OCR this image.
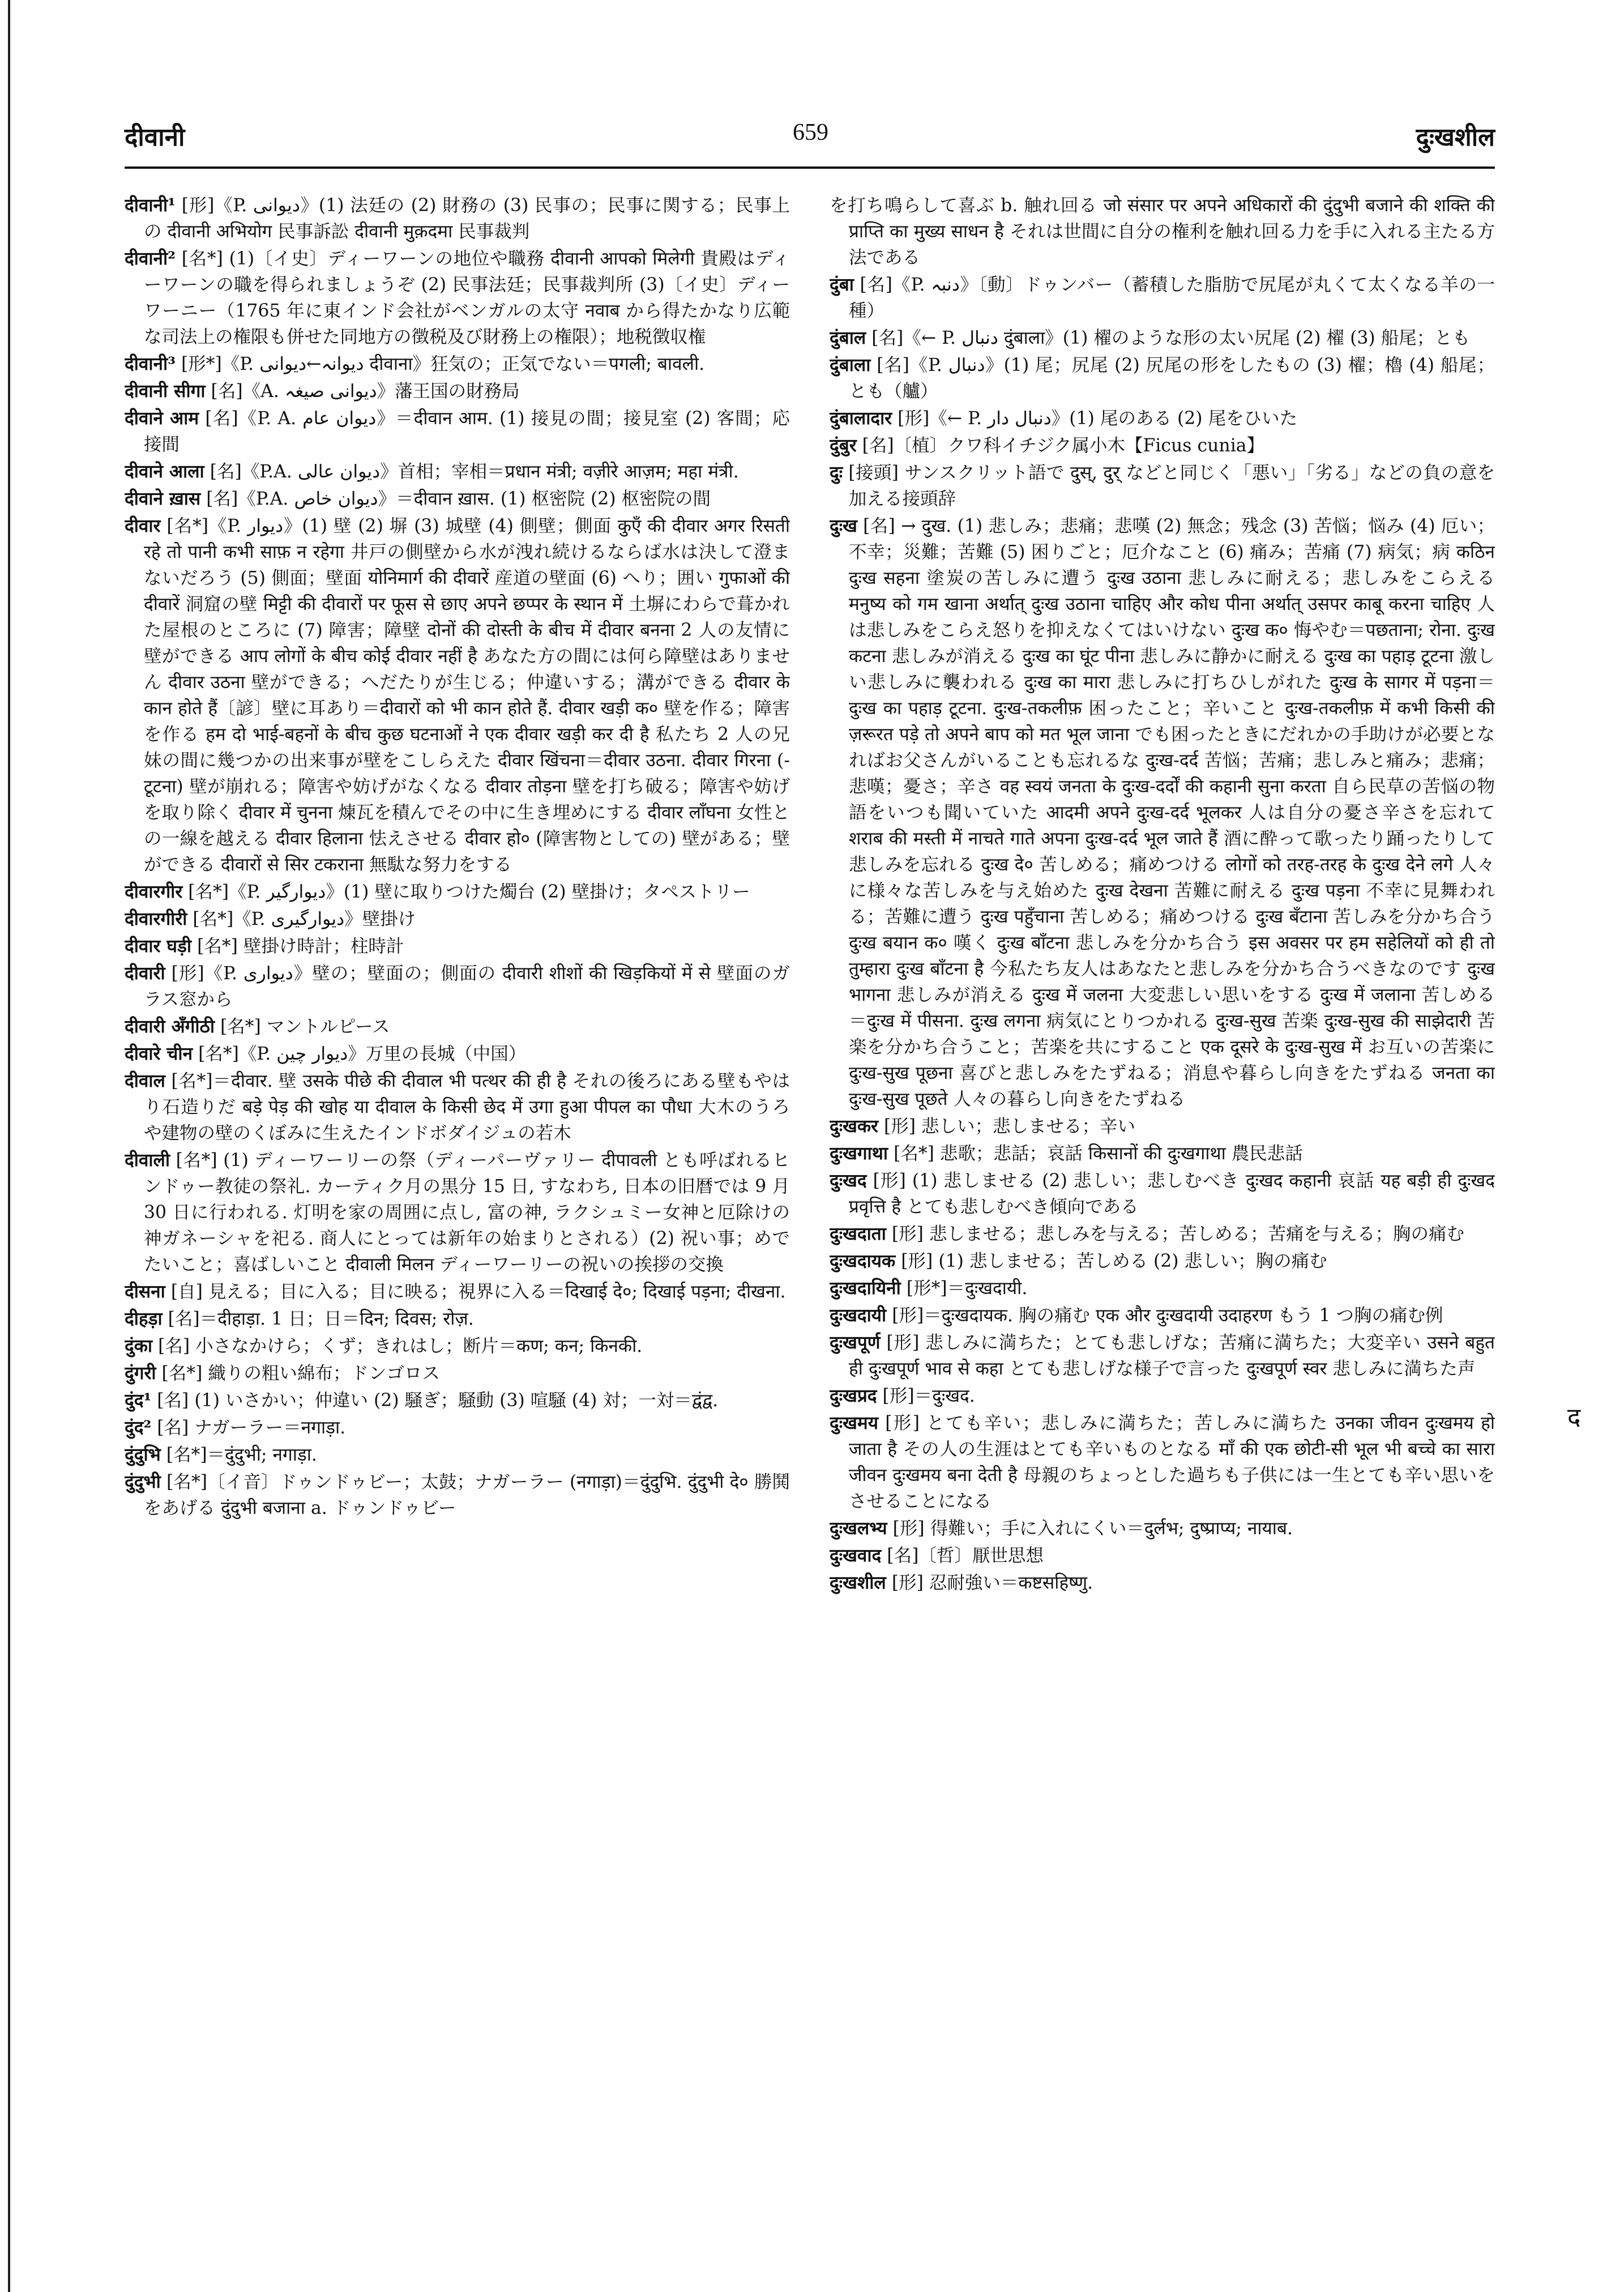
दीवानी	659	दुःखशील

दीवानी¹ [形]《P. دیوانی》(1) 法廷の (2) 財務の (3) 民事の；民事に関する；民事上の दीवानी अभियोग 民事訴訟 दीवानी मुक़दमा 民事裁判

दीवानी² [名*] (1)〔イ史〕ディーワーンの地位や職務 दीवानी आपको मिलेगी 貴殿はディーワーンの職を得られましょうぞ (2) 民事法廷；民事裁判所 (3)〔イ史〕ディーワーニー（1765 年に東インド会社がベンガルの太守 नवाब から得たかなり広範な司法上の権限も併せた同地方の徴税及び財務上の権限）；地税徴収権

दीवानी³ [形*]《P. دیوانہ←دیوانی दीवाना》狂気の；正気でない＝पगली; बावली.

दीवानी सीगा [名]《A. دیوانی صیغہ》藩王国の財務局

दीवाने आम [名]《P. A. دیوان عام》＝दीवान आम. (1) 接見の間；接見室 (2) 客間；応接間

दीवाने आला [名]《P.A. دیوان عالی》首相；宰相＝प्रधान मंत्री; वज़ीरे आज़म; महा मंत्री.

दीवाने ख़ास [名]《P.A. دیوان خاص》＝दीवान ख़ास. (1) 枢密院 (2) 枢密院の間

दीवार [名*]《P. دیوار》(1) 壁 (2) 塀 (3) 城壁 (4) 側壁；側面 कुएँ की दीवार अगर रिसती रहे तो पानी कभी साफ़ न रहेगा 井戸の側壁から水が洩れ続けるならば水は決して澄まないだろう (5) 側面；壁面 योनिमार्ग की दीवारें 産道の壁面 (6) へり；囲い गुफाओं की दीवारें 洞窟の壁 मिट्टी की दीवारों पर फूस से छाए अपने छप्पर के स्थान में 土塀にわらで葺かれた屋根のところに (7) 障害；障壁 दोनों की दोस्ती के बीच में दीवार बनना 2 人の友情に壁ができる आप लोगों के बीच कोई दीवार नहीं है あなた方の間には何ら障壁はありません दीवार उठना 壁ができる；へだたりが生じる；仲違いする；溝ができる दीवार के कान होते हैं〔諺〕壁に耳あり＝दीवारों को भी कान होते हैं. दीवार खड़ी क० 壁を作る；障害を作る हम दो भाई-बहनों के बीच कुछ घटनाओं ने एक दीवार खड़ी कर दी है 私たち 2 人の兄妹の間に幾つかの出来事が壁をこしらえた दीवार खिंचना＝दीवार उठना. दीवार गिरना (- टूटना) 壁が崩れる；障害や妨げがなくなる दीवार तोड़ना 壁を打ち破る；障害や妨げを取り除く दीवार में चुनना 煉瓦を積んでその中に生き埋めにする दीवार लाँघना 女性との一線を越える दीवार हिलाना 怯えさせる दीवार हो० (障害物としての) 壁がある；壁ができる दीवारों से सिर टकराना 無駄な努力をする

दीवारगीर [名*]《P. دیوارگیر》(1) 壁に取りつけた燭台 (2) 壁掛け；タペストリー

दीवारगीरी [名*]《P. دیوارگیری》壁掛け

दीवार घड़ी [名*] 壁掛け時計；柱時計

दीवारी [形]《P. دیواری》壁の；壁面の；側面の दीवारी शीशों की खिड़कियों में से 壁面のガラス窓から

दीवारी अँगीठी [名*] マントルピース

दीवारे चीन [名*]《P. دیوار چین》万里の長城（中国）

दीवाल [名*]＝दीवार. 壁 उसके पीछे की दीवाल भी पत्थर की ही है それの後ろにある壁もやはり石造りだ बड़े पेड़ की खोह या दीवाल के किसी छेद में उगा हुआ पीपल का पौधा 大木のうろや建物の壁のくぼみに生えたインドボダイジュの若木

दीवाली [名*] (1) ディーワーリーの祭（ディーパーヴァリー दीपावली とも呼ばれるヒンドゥー教徒の祭礼. カーティク月の黒分 15 日, すなわち, 日本の旧暦では 9 月 30 日に行われる. 灯明を家の周囲に点し, 富の神, ラクシュミー女神と厄除けの神ガネーシャを祀る. 商人にとっては新年の始まりとされる）(2) 祝い事；めでたいこと；喜ばしいこと दीवाली मिलन ディーワーリーの祝いの挨拶の交換

दीसना [自] 見える；目に入る；目に映る；視界に入る＝दिखाई दे०; दिखाई पड़ना; दीखना.

दीहड़ा [名]＝दीहाड़ा. 1 日；日＝दिन; दिवस; रोज़.

दुंका [名] 小さなかけら；くず；きれはし；断片＝कण; कन; किनकी.

दुंगरी [名*] 織りの粗い綿布；ドンゴロス

दुंद¹ [名] (1) いさかい；仲違い (2) 騒ぎ；騒動 (3) 喧騒 (4) 対；一対＝द्वंद्व.

दुंद² [名] ナガーラー＝नगाड़ा.

दुंदुभि [名*]＝दुंदुभी; नगाड़ा.

दुंदुभी [名*]〔イ音〕ドゥンドゥビー；太鼓；ナガーラー (नगाड़ा)＝दुंदुभि. दुंदुभी दे० 勝鬨をあげる दुंदुभी बजाना a. ドゥンドゥビー

を打ち鳴らして喜ぶ b. 触れ回る जो संसार पर अपने अधिकारों की दुंदुभी बजाने की शक्ति की प्राप्ति का मुख्य साधन है それは世間に自分の権利を触れ回る力を手に入れる主たる方法である

दुंबा [名]《P. دنبہ》〔動〕ドゥンバー（蓄積した脂肪で尻尾が丸くて太くなる羊の一種）

दुंबाल [名]《← P. دنبال दुंबाला》(1) 櫂のような形の太い尻尾 (2) 櫂 (3) 船尾；とも

दुंबाला [名]《P. دنبال》(1) 尾；尻尾 (2) 尻尾の形をしたもの (3) 櫂；櫓 (4) 船尾；とも（艫）

दुंबालादार [形]《← P. دنبال دار》(1) 尾のある (2) 尾をひいた

दुंबुर [名]〔植〕クワ科イチジク属小木【Ficus cunia】

दुः [接頭] サンスクリット語で दुस्, दुर् などと同じく「悪い」「劣る」などの負の意を加える接頭辞

दुःख [名] → दुख. (1) 悲しみ；悲痛；悲嘆 (2) 無念；残念 (3) 苦悩；悩み (4) 厄い；不幸；災難；苦難 (5) 困りごと；厄介なこと (6) 痛み；苦痛 (7) 病気；病 कठिन दुःख सहना 塗炭の苦しみに遭う दुःख उठाना 悲しみに耐える；悲しみをこらえる मनुष्य को गम खाना अर्थात् दुःख उठाना चाहिए और कोध पीना अर्थात् उसपर काबू करना चाहिए 人は悲しみをこらえ怒りを抑えなくてはいけない दुःख क० 悔やむ＝पछताना; रोना. दुःख कटना 悲しみが消える दुःख का घूंट पीना 悲しみに静かに耐える दुःख का पहाड़ टूटना 激しい悲しみに襲われる दुःख का मारा 悲しみに打ちひしがれた दुःख के सागर में पड़ना＝दुःख का पहाड़ टूटना. दुःख-तकलीफ़ 困ったこと；辛いこと दुःख-तकलीफ़ में कभी किसी की ज़रूरत पड़े तो अपने बाप को मत भूल जाना でも困ったときにだれかの手助けが必要となればお父さんがいることも忘れるな दुःख-दर्द 苦悩；苦痛；悲しみと痛み；悲痛；悲嘆；憂さ；辛さ वह स्वयं जनता के दुःख-दर्दों की कहानी सुना करता 自ら民草の苦悩の物語をいつも聞いていた आदमी अपने दुःख-दर्द भूलकर 人は自分の憂さ辛さを忘れて शराब की मस्ती में नाचते गाते अपना दुःख-दर्द भूल जाते हैं 酒に酔って歌ったり踊ったりして悲しみを忘れる दुःख दे० 苦しめる；痛めつける लोगों को तरह-तरह के दुःख देने लगे 人々に様々な苦しみを与え始めた दुःख देखना 苦難に耐える दुःख पड़ना 不幸に見舞われる；苦難に遭う दुःख पहुँचाना 苦しめる；痛めつける दुःख बँटाना 苦しみを分かち合う दुःख बयान क० 嘆く दुःख बाँटना 悲しみを分かち合う इस अवसर पर हम सहेलियों को ही तो तुम्हारा दुःख बाँटना है 今私たち友人はあなたと悲しみを分かち合うべきなのです दुःख भागना 悲しみが消える दुःख में जलना 大変悲しい思いをする दुःख में जलाना 苦しめる＝दुःख में पीसना. दुःख लगना 病気にとりつかれる दुःख-सुख 苦楽 दुःख-सुख की साझेदारी 苦楽を分かち合うこと；苦楽を共にすること एक दूसरे के दुःख-सुख में お互いの苦楽に दुःख-सुख पूछना 喜びと悲しみをたずねる；消息や暮らし向きをたずねる जनता का दुःख-सुख पूछते 人々の暮らし向きをたずねる

दुःखकर [形] 悲しい；悲しませる；辛い

दुःखगाथा [名*] 悲歌；悲話；哀話 किसानों की दुःखगाथा 農民悲話

दुःखद [形] (1) 悲しませる (2) 悲しい；悲しむべき दुःखद कहानी 哀話 यह बड़ी ही दुःखद प्रवृत्ति है とても悲しむべき傾向である

दुःखदाता [形] 悲しませる；悲しみを与える；苦しめる；苦痛を与える；胸の痛む

दुःखदायक [形] (1) 悲しませる；苦しめる (2) 悲しい；胸の痛む

दुःखदायिनी [形*]＝दुःखदायी.

दुःखदायी [形]＝दुःखदायक. 胸の痛む एक और दुःखदायी उदाहरण もう 1 つ胸の痛む例

दुःखपूर्ण [形] 悲しみに満ちた；とても悲しげな；苦痛に満ちた；大変辛い उसने बहुत ही दुःखपूर्ण भाव से कहा とても悲しげな様子で言った दुःखपूर्ण स्वर 悲しみに満ちた声

दुःखप्रद [形]＝दुःखद.

दुःखमय [形] とても辛い；悲しみに満ちた；苦しみに満ちた उनका जीवन दुःखमय हो जाता है その人の生涯はとても辛いものとなる माँ की एक छोटी-सी भूल भी बच्चे का सारा जीवन दुःखमय बना देती है 母親のちょっとした過ちも子供には一生とても辛い思いをさせることになる

दुःखलभ्य [形] 得難い；手に入れにくい＝दुर्लभ; दुष्प्राप्य; नायाब.

दुःखवाद [名]〔哲〕厭世思想

दुःखशील [形] 忍耐強い＝कष्टसहिष्णु.

द
